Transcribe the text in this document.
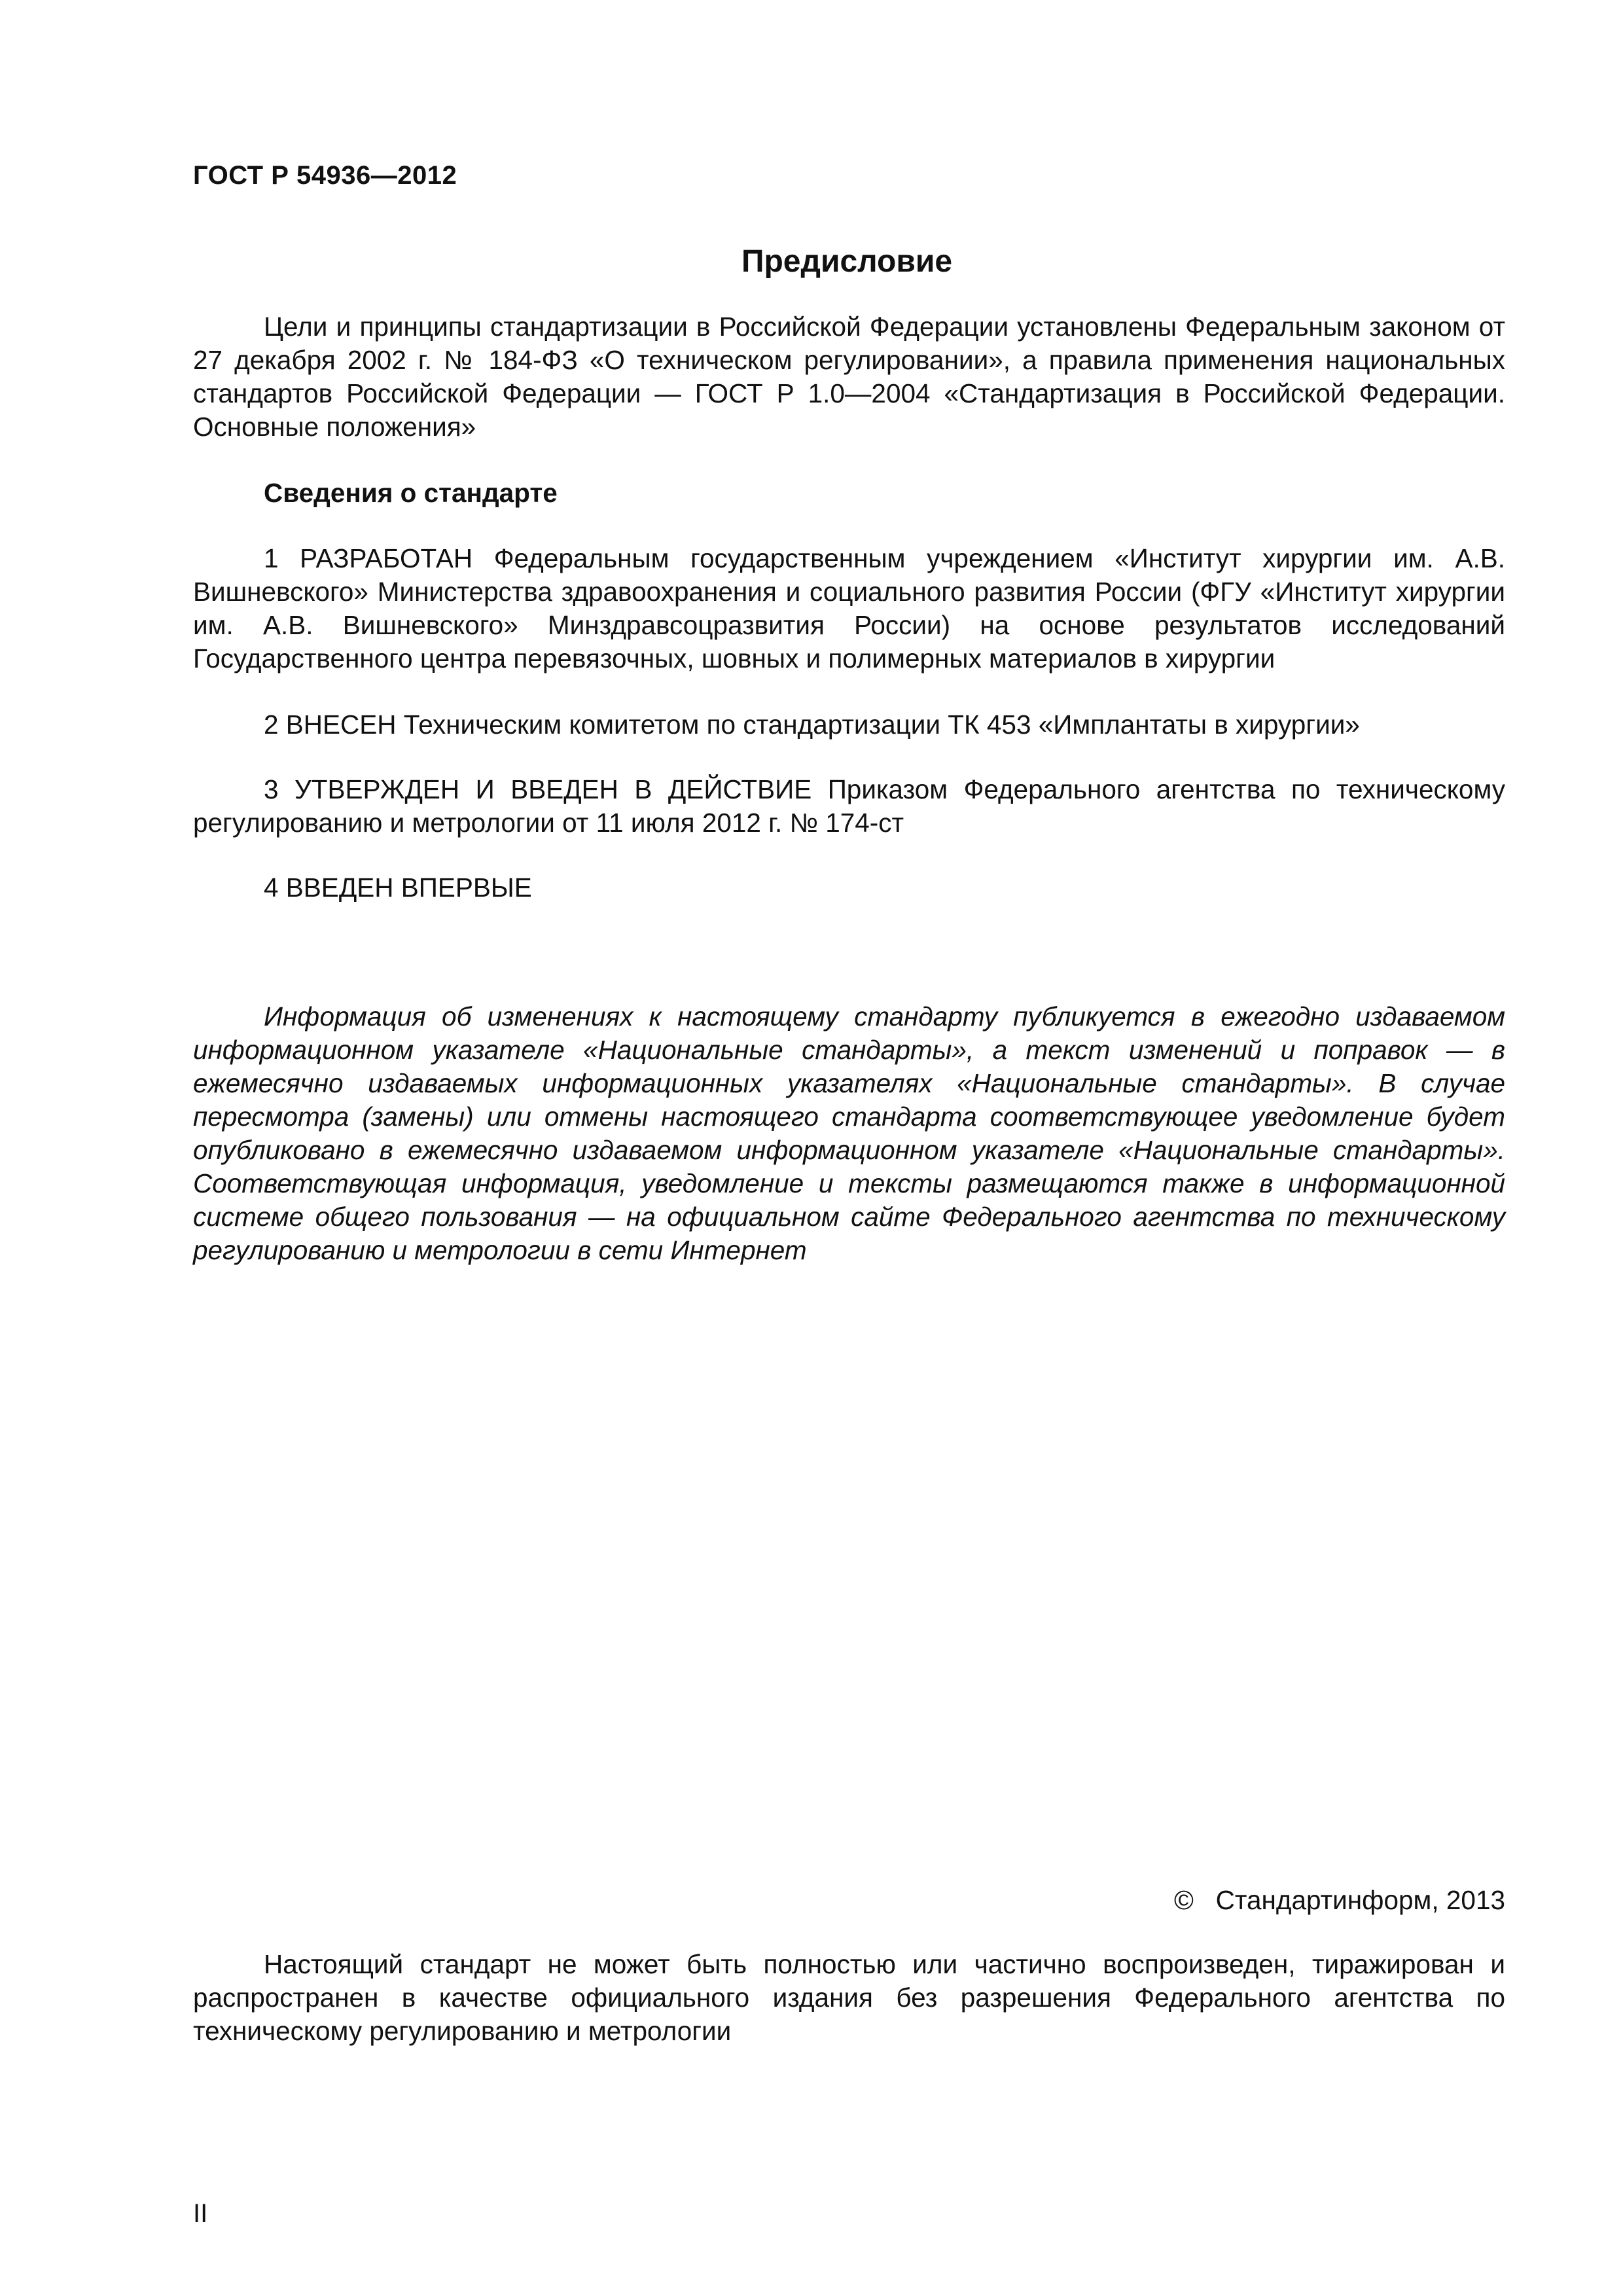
ГОСТ Р 54936—2012
Предисловие

Цели и принципы стандартизации в Российской Федерации установлены Федеральным законом от 27 декабря 2002 г. № 184-ФЗ «О техническом регулировании», а правила применения национальных стандартов Российской Федерации — ГОСТ Р 1.0—2004 «Стандартизация в Российской Федерации. Основные положения»

Сведения о стандарте

1 РАЗРАБОТАН Федеральным государственным учреждением «Институт хирургии им. А.В. Вишневского» Министерства здравоохранения и социального развития России (ФГУ «Институт хирургии им. А.В. Вишневского» Минздравсоцразвития России) на основе результатов исследований Государственного центра перевязочных, шовных и полимерных материалов в хирургии

2 ВНЕСЕН Техническим комитетом по стандартизации ТК 453 «Имплантаты в хирургии»

3 УТВЕРЖДЕН И ВВЕДЕН В ДЕЙСТВИЕ Приказом Федерального агентства по техническому регулированию и метрологии от 11 июля 2012 г. № 174-ст

4 ВВЕДЕН ВПЕРВЫЕ

Информация об изменениях к настоящему стандарту публикуется в ежегодно издаваемом информационном указателе «Национальные стандарты», а текст изменений и поправок — в ежемесячно издаваемых информационных указателях «Национальные стандарты». В случае пересмотра (замены) или отмены настоящего стандарта соответствующее уведомление будет опубликовано в ежемесячно издаваемом информационном указателе «Национальные стандарты». Соответствующая информация, уведомление и тексты размещаются также в информационной системе общего пользования — на официальном сайте Федерального агентства по техническому регулированию и метрологии в сети Интернет

©   Стандартинформ, 2013

Настоящий стандарт не может быть полностью или частично воспроизведен, тиражирован и распространен в качестве официального издания без разрешения Федерального агентства по техническому регулированию и метрологии

II
